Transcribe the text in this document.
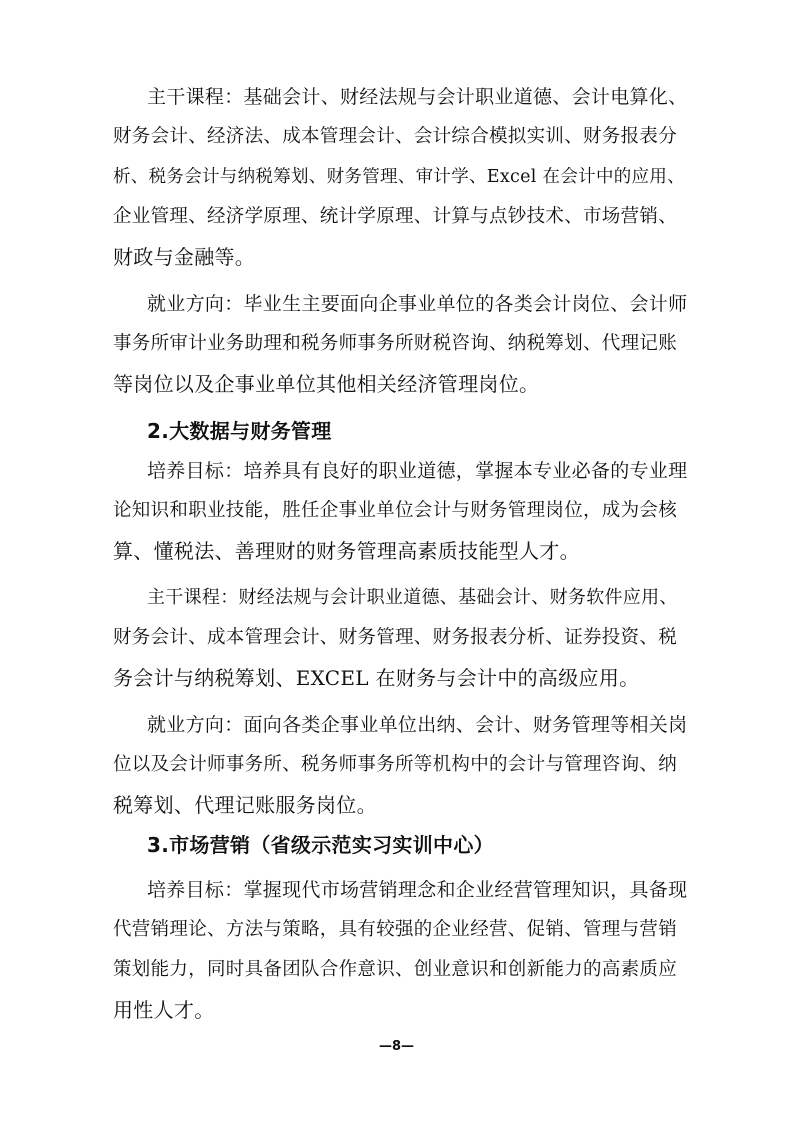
主干课程：基础会计、财经法规与会计职业道德、会计电算化、
财务会计、经济法、成本管理会计、会计综合模拟实训、财务报表分
析、税务会计与纳税筹划、财务管理、审计学、Excel 在会计中的应用、
企业管理、经济学原理、统计学原理、计算与点钞技术、市场营销、
财政与金融等。
就业方向：毕业生主要面向企事业单位的各类会计岗位、会计师
事务所审计业务助理和税务师事务所财税咨询、纳税筹划、代理记账
等岗位以及企事业单位其他相关经济管理岗位。
2.大数据与财务管理
培养目标：培养具有良好的职业道德，掌握本专业必备的专业理
论知识和职业技能，胜任企事业单位会计与财务管理岗位，成为会核
算、懂税法、善理财的财务管理高素质技能型人才。
主干课程：财经法规与会计职业道德、基础会计、财务软件应用、
财务会计、成本管理会计、财务管理、财务报表分析、证券投资、税
务会计与纳税筹划、EXCEL 在财务与会计中的高级应用。
就业方向：面向各类企事业单位出纳、会计、财务管理等相关岗
位以及会计师事务所、税务师事务所等机构中的会计与管理咨询、纳
税筹划、代理记账服务岗位。
3.市场营销（省级示范实习实训中心）
培养目标：掌握现代市场营销理念和企业经营管理知识，具备现
代营销理论、方法与策略，具有较强的企业经营、促销、管理与营销
策划能力，同时具备团队合作意识、创业意识和创新能力的高素质应
用性人才。
—8—
